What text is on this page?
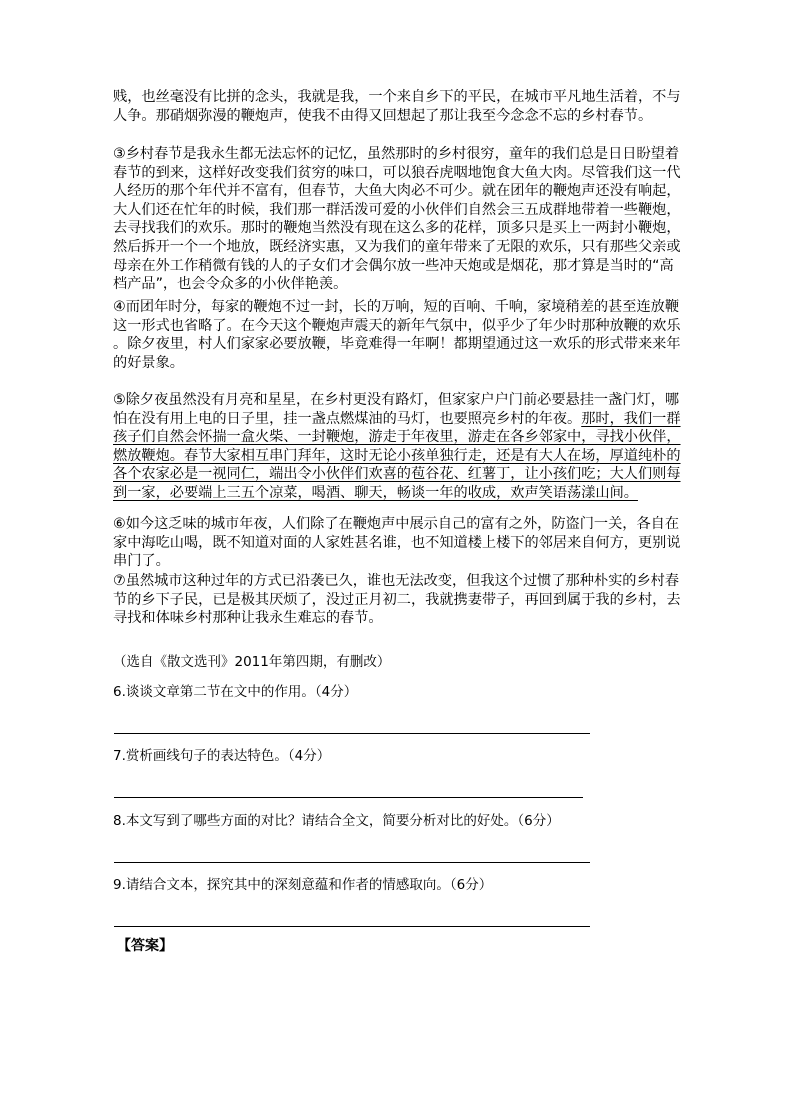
贱，也丝毫没有比拼的念头，我就是我，一个来自乡下的平民，在城市平凡地生活着，不与
人争。那硝烟弥漫的鞭炮声，使我不由得又回想起了那让我至今念念不忘的乡村春节。
③乡村春节是我永生都无法忘怀的记忆，虽然那时的乡村很穷，童年的我们总是日日盼望着
春节的到来，这样好改变我们贫穷的味口，可以狼吞虎咽地饱食大鱼大肉。尽管我们这一代
人经历的那个年代并不富有，但春节，大鱼大肉必不可少。就在团年的鞭炮声还没有响起，
大人们还在忙年的时候，我们那一群活泼可爱的小伙伴们自然会三五成群地带着一些鞭炮，
去寻找我们的欢乐。那时的鞭炮当然没有现在这么多的花样，顶多只是买上一两封小鞭炮，
然后拆开一个一个地放，既经济实惠，又为我们的童年带来了无限的欢乐，只有那些父亲或
母亲在外工作稍微有钱的人的子女们才会偶尔放一些冲天炮或是烟花，那才算是当时的“高
档产品”，也会令众多的小伙伴艳羡。
④而团年时分，每家的鞭炮不过一封，长的万响，短的百响、千响，家境稍差的甚至连放鞭
这一形式也省略了。在今天这个鞭炮声震天的新年气氛中，似乎少了年少时那种放鞭的欢乐
。除夕夜里，村人们家家必要放鞭，毕竟难得一年啊！都期望通过这一欢乐的形式带来来年
的好景象。
⑤除夕夜虽然没有月亮和星星，在乡村更没有路灯，但家家户户门前必要悬挂一盏门灯，哪
怕在没有用上电的日子里，挂一盏点燃煤油的马灯，也要照亮乡村的年夜。那时，我们一群
孩子们自然会怀揣一盒火柴、一封鞭炮，游走于年夜里，游走在各乡邻家中，寻找小伙伴，
燃放鞭炮。春节大家相互串门拜年，这时无论小孩单独行走，还是有大人在场，厚道纯朴的
各个农家必是一视同仁，端出令小伙伴们欢喜的苞谷花、红薯丁，让小孩们吃；大人们则每
到一家，必要端上三五个凉菜，喝酒、聊天，畅谈一年的收成，欢声笑语荡漾山间。
⑥如今这乏味的城市年夜，人们除了在鞭炮声中展示自己的富有之外，防盗门一关，各自在
家中海吃山喝，既不知道对面的人家姓甚名谁，也不知道楼上楼下的邻居来自何方，更别说
串门了。
⑦虽然城市这种过年的方式已沿袭已久，谁也无法改变，但我这个过惯了那种朴实的乡村春
节的乡下子民，已是极其厌烦了，没过正月初二，我就携妻带子，再回到属于我的乡村，去
寻找和体味乡村那种让我永生难忘的春节。
（选自《散文选刊》2011年第四期，有删改）
6.谈谈文章第二节在文中的作用。（4分）
7.赏析画线句子的表达特色。（4分）
8.本文写到了哪些方面的对比？请结合全文，简要分析对比的好处。（6分）
9.请结合文本，探究其中的深刻意蕴和作者的情感取向。（6分）
【答案】
